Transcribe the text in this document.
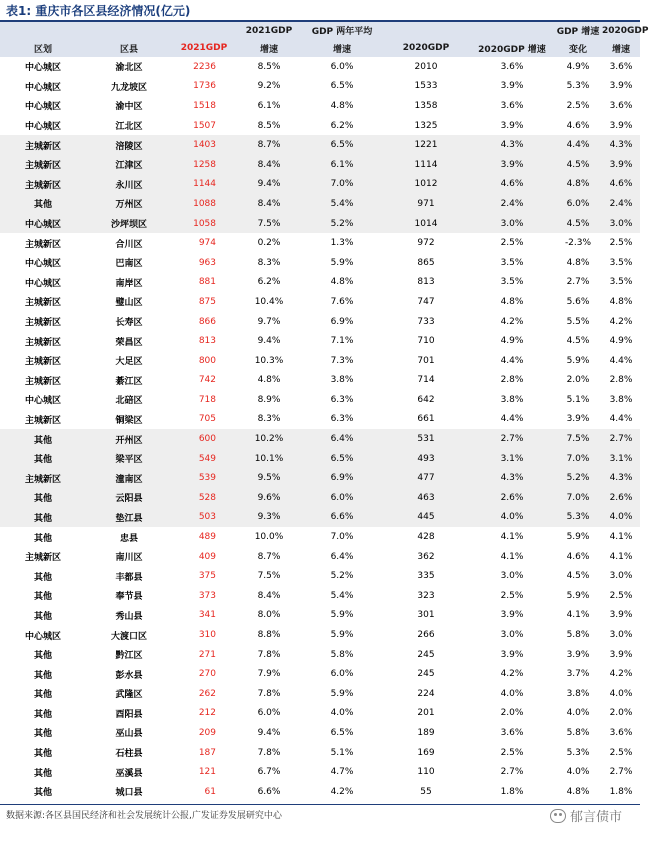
表1: 重庆市各区县经济情况(亿元)
			2021GDP	GDP 两年平均			GDP 增速	2020GDP
区划	区县	2021GDP	增速	增速	2020GDP	2020GDP 增速	变化	增速
中心城区	渝北区	2236	8.5%	6.0%	2010	3.6%	4.9%	3.6%
中心城区	九龙坡区	1736	9.2%	6.5%	1533	3.9%	5.3%	3.9%
中心城区	渝中区	1518	6.1%	4.8%	1358	3.6%	2.5%	3.6%
中心城区	江北区	1507	8.5%	6.2%	1325	3.9%	4.6%	3.9%
主城新区	涪陵区	1403	8.7%	6.5%	1221	4.3%	4.4%	4.3%
主城新区	江津区	1258	8.4%	6.1%	1114	3.9%	4.5%	3.9%
主城新区	永川区	1144	9.4%	7.0%	1012	4.6%	4.8%	4.6%
其他	万州区	1088	8.4%	5.4%	971	2.4%	6.0%	2.4%
中心城区	沙坪坝区	1058	7.5%	5.2%	1014	3.0%	4.5%	3.0%
主城新区	合川区	974	0.2%	1.3%	972	2.5%	-2.3%	2.5%
中心城区	巴南区	963	8.3%	5.9%	865	3.5%	4.8%	3.5%
中心城区	南岸区	881	6.2%	4.8%	813	3.5%	2.7%	3.5%
主城新区	璧山区	875	10.4%	7.6%	747	4.8%	5.6%	4.8%
主城新区	长寿区	866	9.7%	6.9%	733	4.2%	5.5%	4.2%
主城新区	荣昌区	813	9.4%	7.1%	710	4.9%	4.5%	4.9%
主城新区	大足区	800	10.3%	7.3%	701	4.4%	5.9%	4.4%
主城新区	綦江区	742	4.8%	3.8%	714	2.8%	2.0%	2.8%
中心城区	北碚区	718	8.9%	6.3%	642	3.8%	5.1%	3.8%
主城新区	铜梁区	705	8.3%	6.3%	661	4.4%	3.9%	4.4%
其他	开州区	600	10.2%	6.4%	531	2.7%	7.5%	2.7%
其他	梁平区	549	10.1%	6.5%	493	3.1%	7.0%	3.1%
主城新区	潼南区	539	9.5%	6.9%	477	4.3%	5.2%	4.3%
其他	云阳县	528	9.6%	6.0%	463	2.6%	7.0%	2.6%
其他	垫江县	503	9.3%	6.6%	445	4.0%	5.3%	4.0%
其他	忠县	489	10.0%	7.0%	428	4.1%	5.9%	4.1%
主城新区	南川区	409	8.7%	6.4%	362	4.1%	4.6%	4.1%
其他	丰都县	375	7.5%	5.2%	335	3.0%	4.5%	3.0%
其他	奉节县	373	8.4%	5.4%	323	2.5%	5.9%	2.5%
其他	秀山县	341	8.0%	5.9%	301	3.9%	4.1%	3.9%
中心城区	大渡口区	310	8.8%	5.9%	266	3.0%	5.8%	3.0%
其他	黔江区	271	7.8%	5.8%	245	3.9%	3.9%	3.9%
其他	彭水县	270	7.9%	6.0%	245	4.2%	3.7%	4.2%
其他	武隆区	262	7.8%	5.9%	224	4.0%	3.8%	4.0%
其他	酉阳县	212	6.0%	4.0%	201	2.0%	4.0%	2.0%
其他	巫山县	209	9.4%	6.5%	189	3.6%	5.8%	3.6%
其他	石柱县	187	7.8%	5.1%	169	2.5%	5.3%	2.5%
其他	巫溪县	121	6.7%	4.7%	110	2.7%	4.0%	2.7%
其他	城口县	61	6.6%	4.2%	55	1.8%	4.8%	1.8%
数据来源:各区县国民经济和社会发展统计公报,广发证券发展研究中心	郁言债市
